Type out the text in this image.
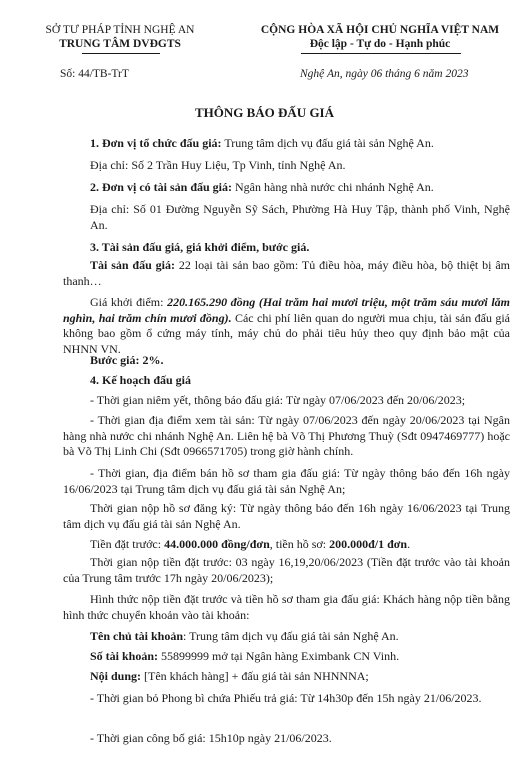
SỞ TƯ PHÁP TỈNH NGHỆ AN
TRUNG TÂM DVĐGTS
CỘNG HÒA XÃ HỘI CHỦ NGHĨA VIỆT NAM
Độc lập - Tự do - Hạnh phúc
Số: 44/TB-TrT	Nghệ An, ngày 06 tháng 6 năm 2023
THÔNG BÁO ĐẤU GIÁ
1. Đơn vị tổ chức đấu giá: Trung tâm dịch vụ đấu giá tài sản Nghệ An.
Địa chỉ: Số 2 Trần Huy Liệu, Tp Vinh, tỉnh Nghệ An.
2. Đơn vị có tài sản đấu giá: Ngân hàng nhà nước chi nhánh Nghệ An.
Địa chỉ: Số 01 Đường Nguyễn Sỹ Sách, Phường Hà Huy Tập, thành phố Vinh, Nghệ An.
3. Tài sản đấu giá, giá khởi điểm, bước giá.
Tài sản đấu giá: 22 loại tài sản bao gồm: Tủ điều hòa, máy điều hòa, bộ thiệt bị âm thanh…
Giá khởi điểm: 220.165.290 đồng (Hai trăm hai mươi triệu, một trăm sáu mươi lăm nghìn, hai trăm chín mươi đồng). Các chi phí liên quan do người mua chịu, tài sản đấu giá không bao gồm ổ cứng máy tính, máy chủ do phải tiêu hủy theo quy định bảo mật của NHNN VN.
Bước giá: 2%.
4. Kế hoạch đấu giá
- Thời gian niêm yết, thông báo đấu giá: Từ ngày 07/06/2023 đến 20/06/2023;
- Thời gian địa điểm xem tài sản: Từ ngày 07/06/2023 đến ngày 20/06/2023 tại Ngân hàng nhà nước chi nhánh Nghệ An. Liên hệ bà Võ Thị Phương Thuỳ (Sđt 0947469777) hoặc bà Võ Thị Linh Chi (Sđt 0966571705) trong giờ hành chính.
- Thời gian, địa điểm bán hồ sơ tham gia đấu giá: Từ ngày thông báo đến 16h ngày 16/06/2023 tại Trung tâm dịch vụ đấu giá tài sản Nghệ An;
Thời gian nộp hồ sơ đăng ký: Từ ngày thông báo đến 16h ngày 16/06/2023 tại Trung tâm dịch vụ đấu giá tài sản Nghệ An.
Tiền đặt trước: 44.000.000 đồng/đơn, tiền hồ sơ: 200.000đ/1 đơn.
Thời gian nộp tiền đặt trước: 03 ngày 16,19,20/06/2023 (Tiền đặt trước vào tài khoản của Trung tâm trước 17h ngày 20/06/2023);
Hình thức nộp tiền đặt trước và tiền hồ sơ tham gia đấu giá: Khách hàng nộp tiền bằng hình thức chuyển khoản vào tài khoản:
Tên chủ tài khoản: Trung tâm dịch vụ đấu giá tài sản Nghệ An.
Số tài khoản: 55899999 mở tại Ngân hàng Eximbank CN Vinh.
Nội dung: [Tên khách hàng] + đấu giá tài sản NHNNNA;
- Thời gian bỏ Phong bì chứa Phiếu trả giá: Từ 14h30p đến 15h ngày 21/06/2023.
- Thời gian công bố giá: 15h10p ngày 21/06/2023.
